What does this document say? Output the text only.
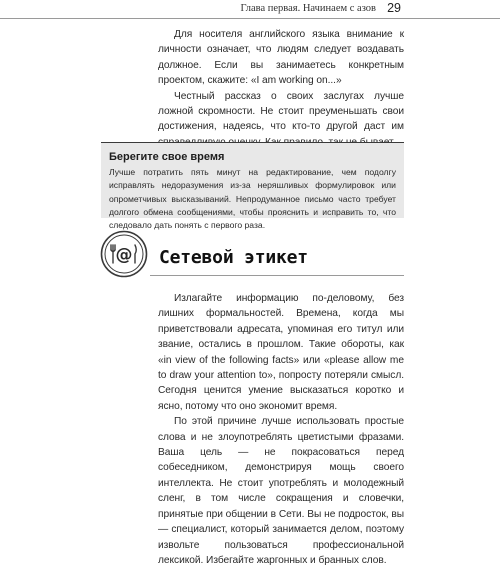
Глава первая. Начинаем с азов 29

Для носителя английского языка внимание к личности означает, что людям следует воздавать должное. Если вы занимаетесь конкретным проектом, скажите: «I am working on...»

Честный рассказ о своих заслугах лучше ложной скромности. Не стоит преуменьшать свои достижения, надеясь, что кто-то другой даст им

Берегите свое время

Лучше потратить пять минут на редактирование, чем подолгу исправлять недоразумения из-за неряшливых формулировок или опрометчивых высказываний. Непродуманное письмо часто требует долгого обмена сообщениями, чтобы прояснить и исправить то, что следовало дать понять с первого раза.

@ Сетевой этикет

Излагайте информацию по-деловому, без лишних формальностей. Времена, когда мы приветствовали адресата, упоминая его титул или звание, остались в прошлом. Такие обороты, как «in view of the following facts» или «please allow me to draw your attention to», попросту потеряли смысл. Сегодня ценится умение высказаться коротко и ясно, потому что оно экономит время.

По этой причине лучше использовать простые слова и не злоупотреблять цветистыми фразами. Ваша цель — не покрасоваться перед собеседником, демонстрируя мощь своего интеллекта. Не стоит употреблять и молодежный сленг, в том числе сокращения и словечки, принятые при общении в Сети. Вы не подросток, вы — специалист, который занимается делом, поэтому извольте пользоваться профессиональной лексикой. Избегайте жаргонных и бранных слов.
